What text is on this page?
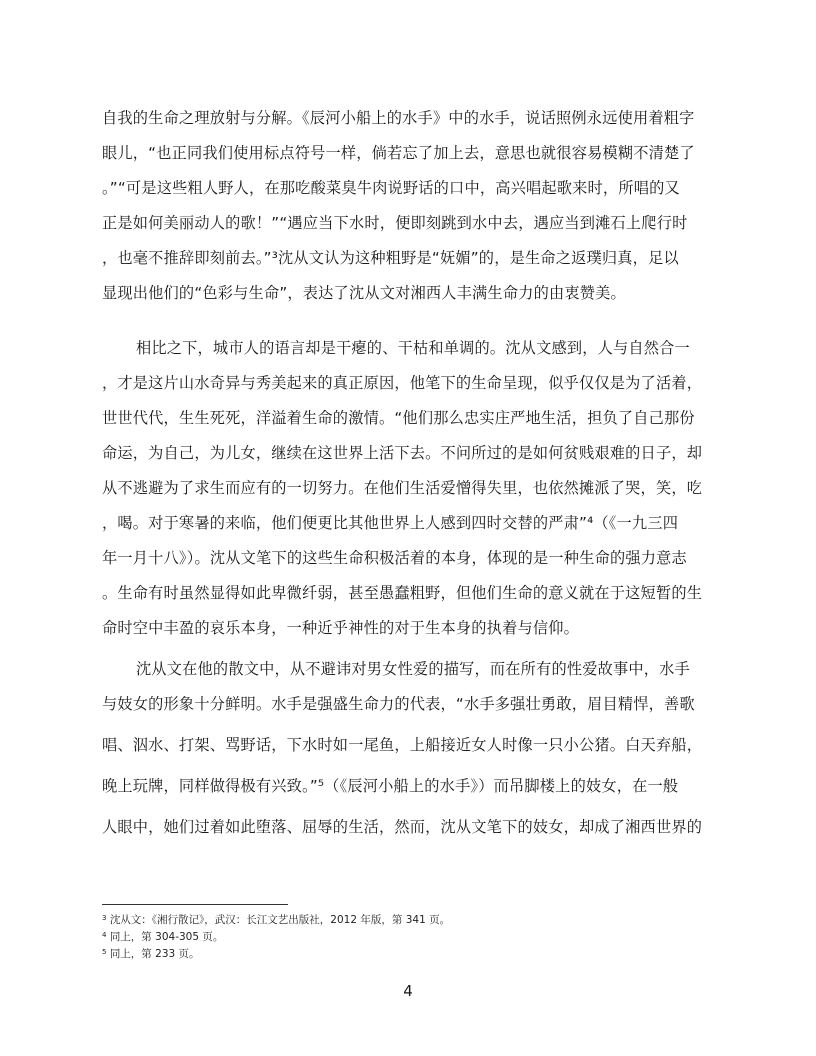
自我的生命之理放射与分解。《辰河小船上的水手》中的水手，说话照例永远使用着粗字
眼儿，“也正同我们使用标点符号一样，倘若忘了加上去，意思也就很容易模糊不清楚了
。”“可是这些粗人野人，在那吃酸菜臭牛肉说野话的口中，高兴唱起歌来时，所唱的又
正是如何美丽动人的歌！”“遇应当下水时，便即刻跳到水中去，遇应当到滩石上爬行时
，也毫不推辞即刻前去。”³沈从文认为这种粗野是“妩媚”的，是生命之返璞归真，足以
显现出他们的“色彩与生命”，表达了沈从文对湘西人丰满生命力的由衷赞美。
相比之下，城市人的语言却是干瘪的、干枯和单调的。沈从文感到，人与自然合一
，才是这片山水奇异与秀美起来的真正原因，他笔下的生命呈现，似乎仅仅是为了活着，
世世代代，生生死死，洋溢着生命的激情。“他们那么忠实庄严地生活，担负了自己那份
命运，为自己，为儿女，继续在这世界上活下去。不问所过的是如何贫贱艰难的日子，却
从不逃避为了求生而应有的一切努力。在他们生活爱憎得失里，也依然摊派了哭，笑，吃
，喝。对于寒暑的来临，他们便更比其他世界上人感到四时交替的严肃”⁴（《一九三四
年一月十八》）。沈从文笔下的这些生命积极活着的本身，体现的是一种生命的强力意志
。生命有时虽然显得如此卑微纤弱，甚至愚蠢粗野，但他们生命的意义就在于这短暂的生
命时空中丰盈的哀乐本身，一种近乎神性的对于生本身的执着与信仰。
沈从文在他的散文中，从不避讳对男女性爱的描写，而在所有的性爱故事中，水手
与妓女的形象十分鲜明。水手是强盛生命力的代表，“水手多强壮勇敢，眉目精悍，善歌
唱、泅水、打架、骂野话，下水时如一尾鱼，上船接近女人时像一只小公猪。白天弃船，
晚上玩牌，同样做得极有兴致。”⁵（《辰河小船上的水手》）而吊脚楼上的妓女，在一般
人眼中，她们过着如此堕落、屈辱的生活，然而，沈从文笔下的妓女，却成了湘西世界的
$^3$ 沈从文：《湘行散记》，武汉：长江文艺出版社，2012 年版，第 341 页。
$^4$ 同上，第 304-305 页。
$^5$ 同上，第 233 页。
4
